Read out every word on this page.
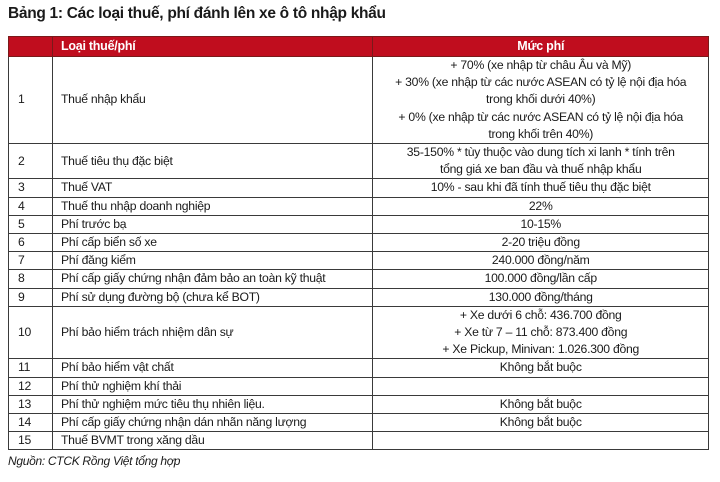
Bảng 1: Các loại thuế, phí đánh lên xe ô tô nhập khẩu
	Loại thuế/phí	Mức phí
1	Thuế nhập khẩu	+ 70% (xe nhập từ châu Âu và Mỹ)
+ 30% (xe nhập từ các nước ASEAN có tỷ lệ nội địa hóa
trong khối dưới 40%)
+ 0% (xe nhập từ các nước ASEAN có tỷ lệ nội địa hóa
trong khối trên 40%)

2	Thuế tiêu thụ đặc biệt	35-150% * tùy thuộc vào dung tích xi lanh * tính trên
tổng giá xe ban đầu và thuế nhập khẩu

3	Thuế VAT	10% - sau khi đã tính thuế tiêu thụ đặc biệt

4	Thuế thu nhập doanh nghiệp	22%

5	Phí trước bạ	10-15%

6	Phí cấp biển số xe	2-20 triệu đồng

7	Phí đăng kiểm	240.000 đồng/năm

8	Phí cấp giấy chứng nhận đảm bảo an toàn kỹ thuật	100.000 đồng/lần cấp

9	Phí sử dụng đường bộ (chưa kể BOT)	130.000 đồng/tháng

10	Phí bảo hiểm trách nhiệm dân sự	+ Xe dưới 6 chỗ: 436.700 đồng
+ Xe từ 7 – 11 chỗ: 873.400 đồng
+ Xe Pickup, Minivan: 1.026.300 đồng

11	Phí bảo hiểm vật chất	Không bắt buộc

12	Phí thử nghiệm khí thải	

13	Phí thử nghiệm mức tiêu thụ nhiên liệu.	Không bắt buộc

14	Phí cấp giấy chứng nhận dán nhãn năng lượng	Không bắt buộc

15	Thuế BVMT trong xăng dầu	

Nguồn: CTCK Rồng Việt tổng hợp
